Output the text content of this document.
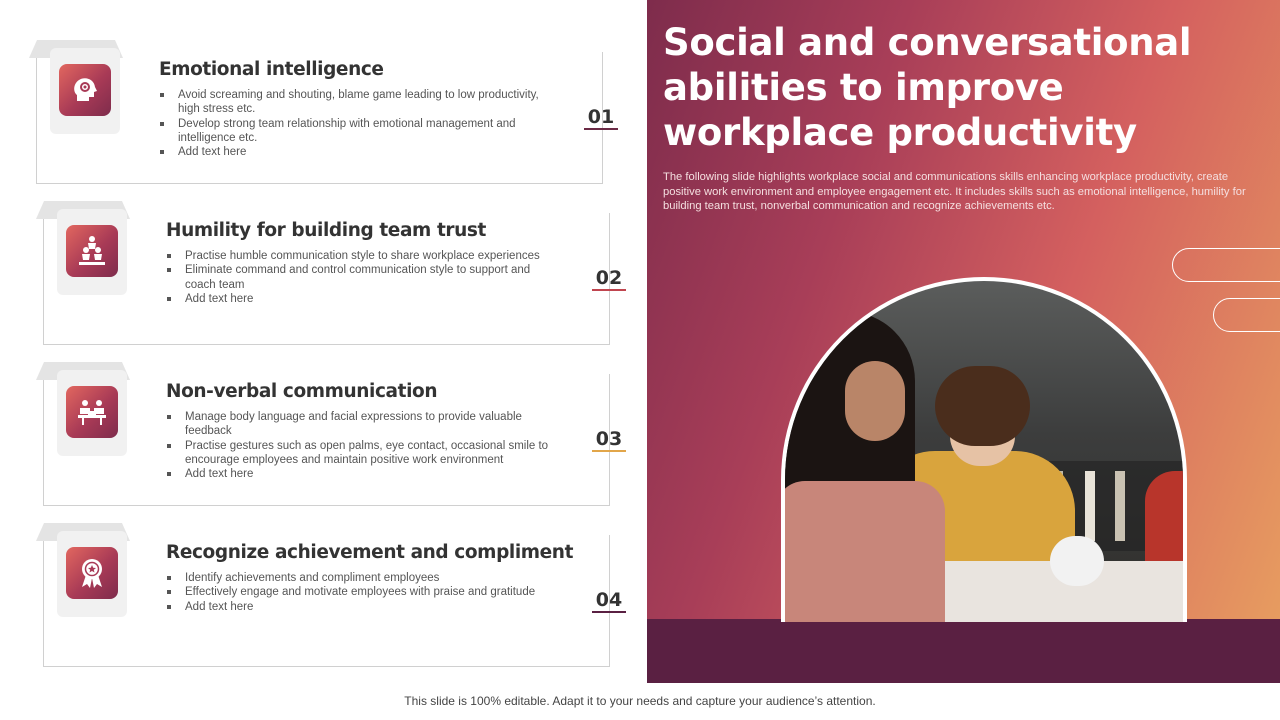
Emotional intelligence
Avoid screaming and shouting, blame game leading to low productivity, high stress etc.
Develop strong team relationship with emotional management and intelligence etc.
Add text here
01
Humility for building team trust
Practise humble communication style to share workplace experiences
Eliminate command and control communication style to support and coach team
Add text here
02
Non-verbal communication
Manage body language and facial expressions to provide valuable feedback
Practise gestures such as open palms, eye contact, occasional smile to encourage employees and maintain positive work environment
Add text here
03
Recognize achievement and compliment
Identify achievements and compliment employees
Effectively engage and motivate employees with praise and gratitude
Add text here	04
Social and conversational abilities to improve workplace productivity
The following slide highlights workplace social and communications skills enhancing workplace productivity, create positive work environment and employee engagement etc. It includes skills such as emotional intelligence, humility for building team trust, nonverbal communication and recognize achievements etc.
This slide is 100% editable. Adapt it to your needs and capture your audience’s attention.
